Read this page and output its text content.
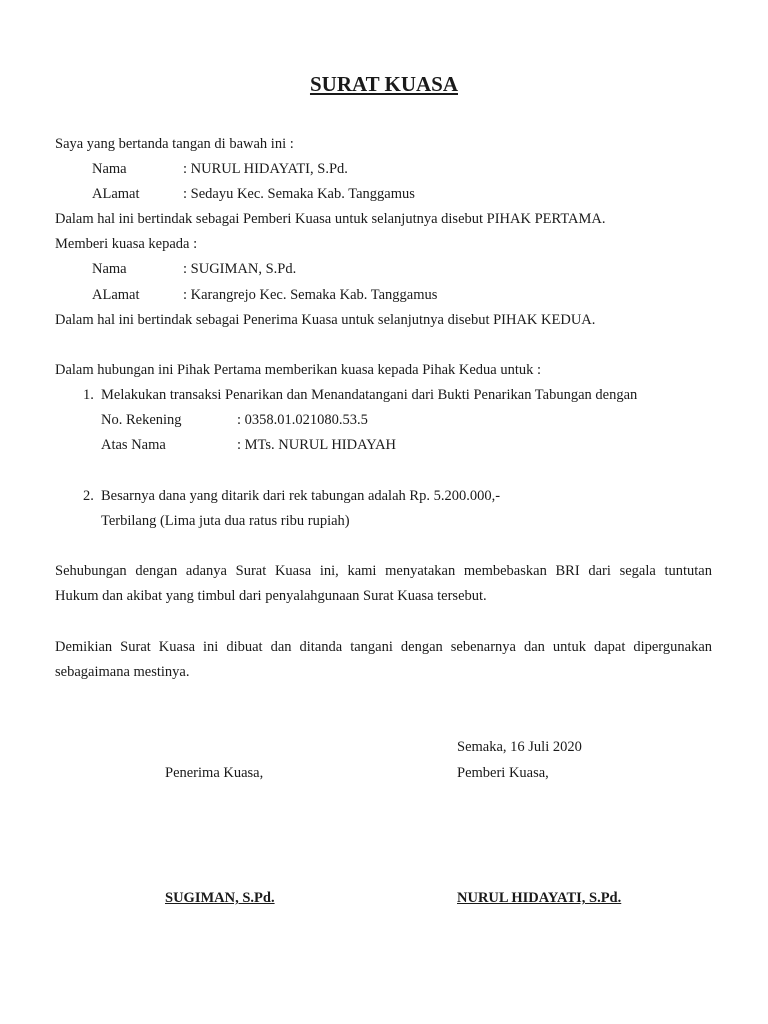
SURAT KUASA
Saya yang bertanda tangan di bawah ini :
Nama	: NURUL HIDAYATI, S.Pd.
ALamat	: Sedayu Kec. Semaka Kab. Tanggamus
Dalam hal ini bertindak sebagai Pemberi Kuasa untuk selanjutnya disebut PIHAK PERTAMA.
Memberi kuasa kepada :
Nama	: SUGIMAN, S.Pd.
ALamat	: Karangrejo Kec. Semaka Kab. Tanggamus
Dalam hal ini bertindak sebagai Penerima Kuasa untuk selanjutnya disebut PIHAK KEDUA.
Dalam hubungan ini Pihak Pertama memberikan kuasa kepada Pihak Kedua untuk :
1. Melakukan transaksi Penarikan dan Menandatangani dari Bukti Penarikan Tabungan dengan
No. Rekening	: 0358.01.021080.53.5
Atas Nama	: MTs. NURUL HIDAYAH
2. Besarnya dana yang ditarik dari rek tabungan adalah Rp. 5.200.000,-
Terbilang (Lima juta dua ratus ribu rupiah)
Sehubungan dengan adanya Surat Kuasa ini, kami menyatakan membebaskan BRI dari segala tuntutan
Hukum dan akibat yang timbul dari penyalahgunaan Surat Kuasa tersebut.
Demikian Surat Kuasa ini dibuat dan ditanda tangani dengan sebenarnya dan untuk dapat dipergunakan
sebagaimana mestinya.
Semaka, 16 Juli 2020
Penerima Kuasa,	Pemberi Kuasa,
SUGIMAN, S.Pd.	NURUL HIDAYATI, S.Pd.
